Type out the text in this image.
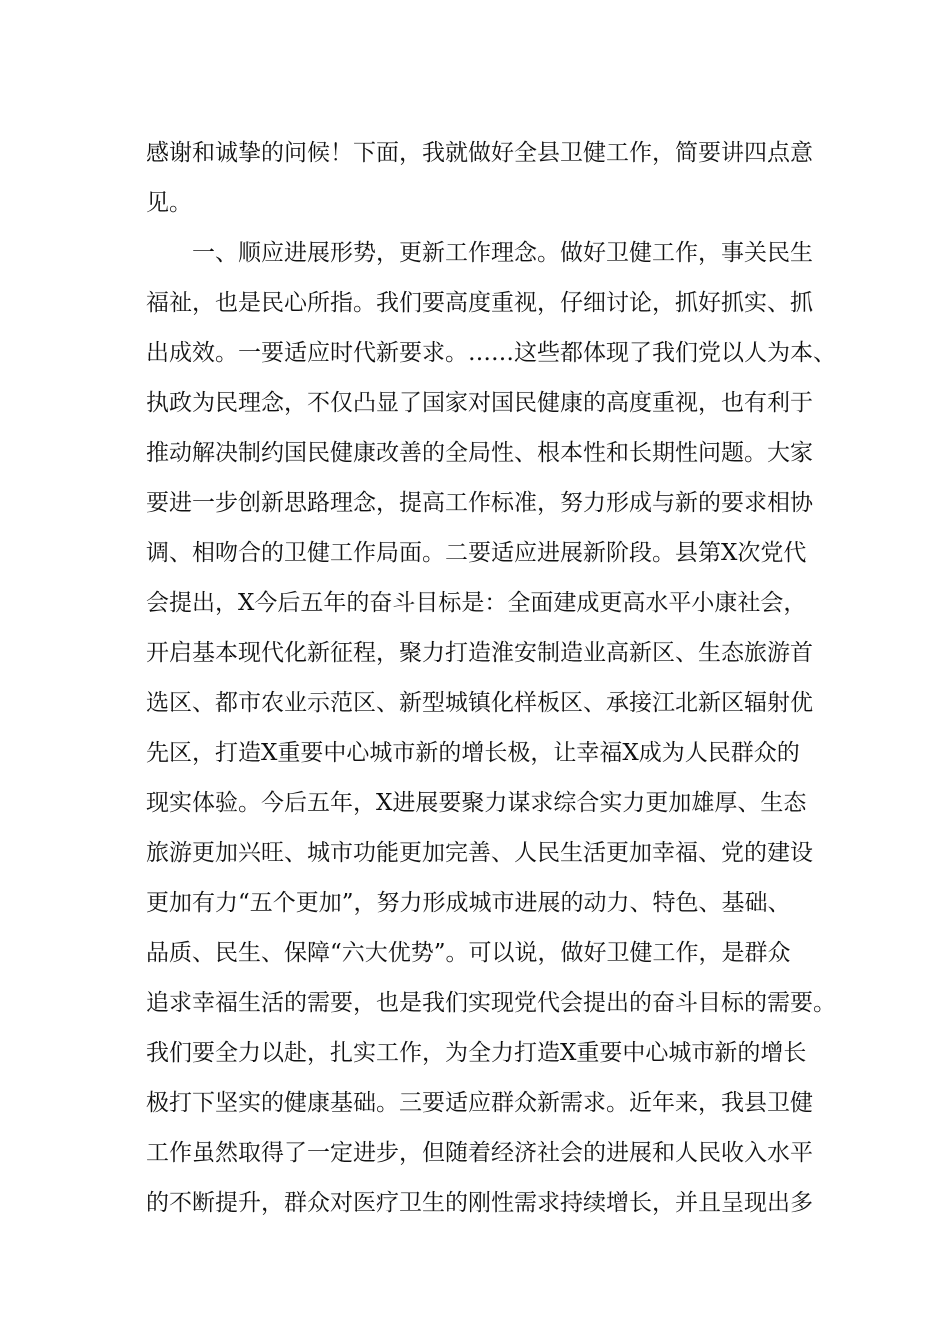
感谢和诚挚的问候！下面，我就做好全县卫健工作，简要讲四点意
见。
一、顺应进展形势，更新工作理念。做好卫健工作，事关民生
福祉，也是民心所指。我们要高度重视，仔细讨论，抓好抓实、抓
出成效。一要适应时代新要求。……这些都体现了我们党以人为本、
执政为民理念，不仅凸显了国家对国民健康的高度重视，也有利于
推动解决制约国民健康改善的全局性、根本性和长期性问题。大家
要进一步创新思路理念，提高工作标准，努力形成与新的要求相协
调、相吻合的卫健工作局面。二要适应进展新阶段。县第X次党代
会提出，X今后五年的奋斗目标是：全面建成更高水平小康社会，
开启基本现代化新征程，聚力打造淮安制造业高新区、生态旅游首
选区、都市农业示范区、新型城镇化样板区、承接江北新区辐射优
先区，打造X重要中心城市新的增长极，让幸福X成为人民群众的
现实体验。今后五年，X进展要聚力谋求综合实力更加雄厚、生态
旅游更加兴旺、城市功能更加完善、人民生活更加幸福、党的建设
更加有力“五个更加”，努力形成城市进展的动力、特色、基础、
品质、民生、保障“六大优势”。可以说，做好卫健工作，是群众
追求幸福生活的需要，也是我们实现党代会提出的奋斗目标的需要。
我们要全力以赴，扎实工作，为全力打造X重要中心城市新的增长
极打下坚实的健康基础。三要适应群众新需求。近年来，我县卫健
工作虽然取得了一定进步，但随着经济社会的进展和人民收入水平
的不断提升，群众对医疗卫生的刚性需求持续增长，并且呈现出多
